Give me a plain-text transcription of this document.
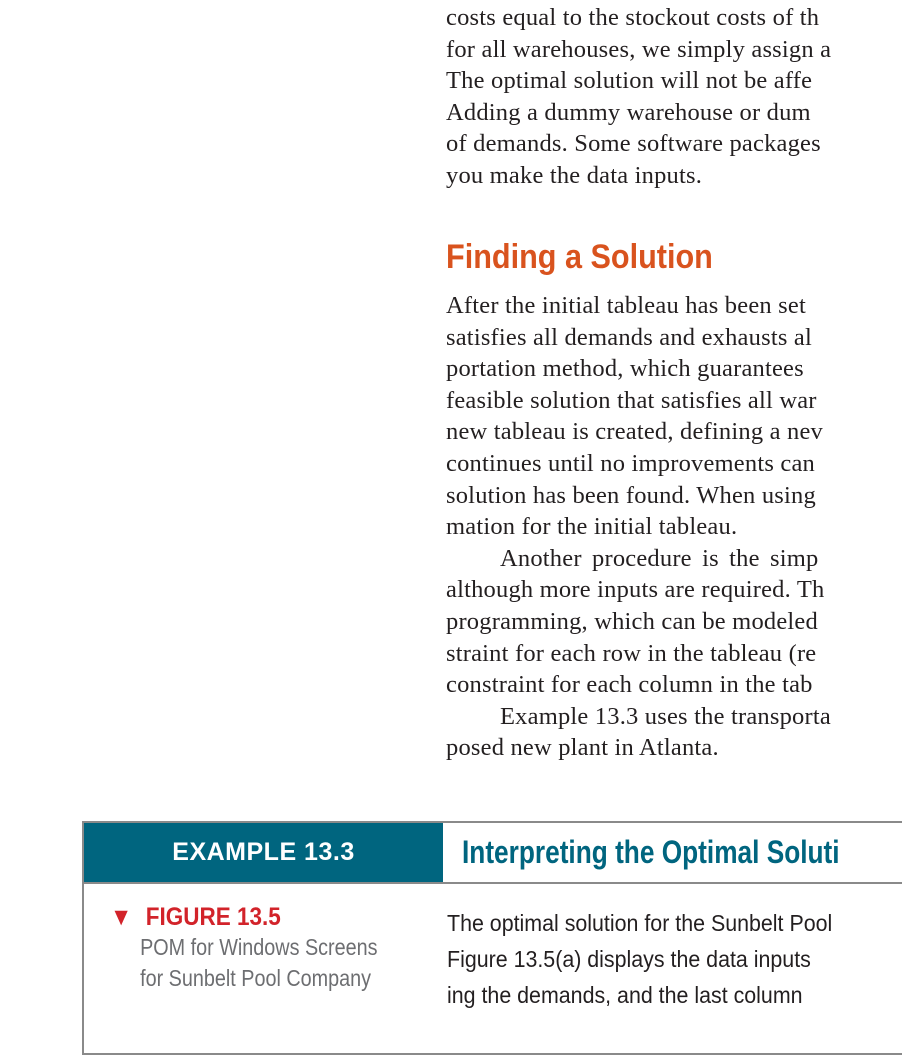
costs equal to the stockout costs of th
for all warehouses, we simply assign a
The optimal solution will not be affe
Adding a dummy warehouse or dum
of demands. Some software packages
you make the data inputs.
Finding a Solution
After the initial tableau has been set
satisfies all demands and exhausts al
portation method, which guarantees
feasible solution that satisfies all war
new tableau is created, defining a nev
continues until no improvements can
solution has been found. When using
mation for the initial tableau.
Another procedure is the simp
although more inputs are required. Th
programming, which can be modeled
straint for each row in the tableau (re
constraint for each column in the tab
Example 13.3 uses the transporta
posed new plant in Atlanta.
EXAMPLE 13.3	Interpreting the Optimal Soluti
▼ FIGURE 13.5
POM for Windows Screens
for Sunbelt Pool Company
The optimal solution for the Sunbelt Pool
Figure 13.5(a) displays the data inputs
ing the demands, and the last column
